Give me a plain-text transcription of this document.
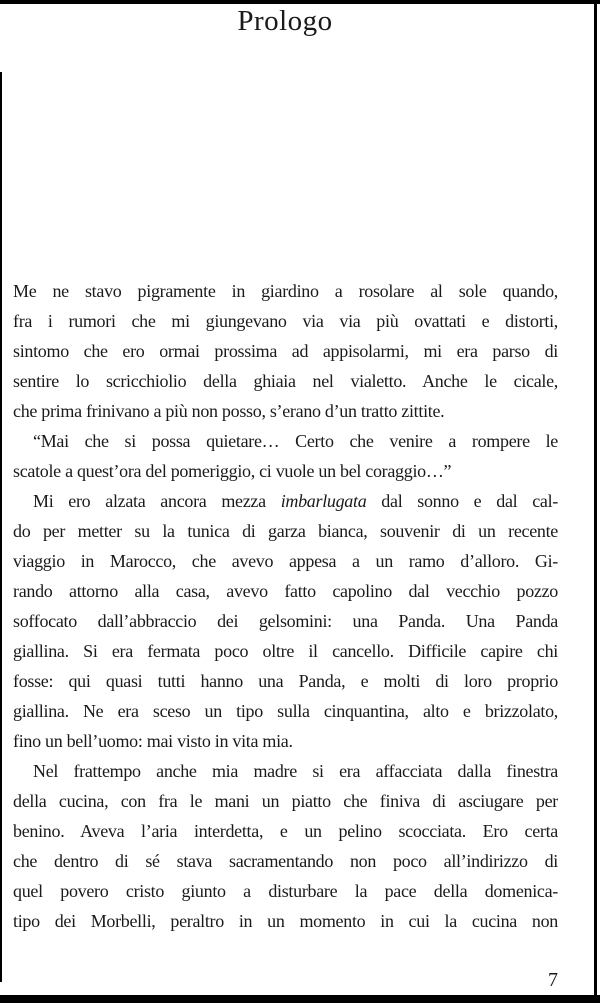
Prologo
Me ne stavo pigramente in giardino a rosolare al sole quando,
fra i rumori che mi giungevano via via più ovattati e distorti,
sintomo che ero ormai prossima ad appisolarmi, mi era parso di
sentire lo scricchiolio della ghiaia nel vialetto. Anche le cicale,
che prima frinivano a più non posso, s’erano d’un tratto zittite.
“Mai che si possa quietare… Certo che venire a rompere le
scatole a quest’ora del pomeriggio, ci vuole un bel coraggio…”
Mi ero alzata ancora mezza imbarlugata dal sonno e dal cal-
do per metter su la tunica di garza bianca, souvenir di un recente
viaggio in Marocco, che avevo appesa a un ramo d’alloro. Gi-
rando attorno alla casa, avevo fatto capolino dal vecchio pozzo
soffocato dall’abbraccio dei gelsomini: una Panda. Una Panda
giallina. Si era fermata poco oltre il cancello. Difficile capire chi
fosse: qui quasi tutti hanno una Panda, e molti di loro proprio
giallina. Ne era sceso un tipo sulla cinquantina, alto e brizzolato,
fino un bell’uomo: mai visto in vita mia.
Nel frattempo anche mia madre si era affacciata dalla finestra
della cucina, con fra le mani un piatto che finiva di asciugare per
benino. Aveva l’aria interdetta, e un pelino scocciata. Ero certa
che dentro di sé stava sacramentando non poco all’indirizzo di
quel povero cristo giunto a disturbare la pace della domenica-
tipo dei Morbelli, peraltro in un momento in cui la cucina non
7
